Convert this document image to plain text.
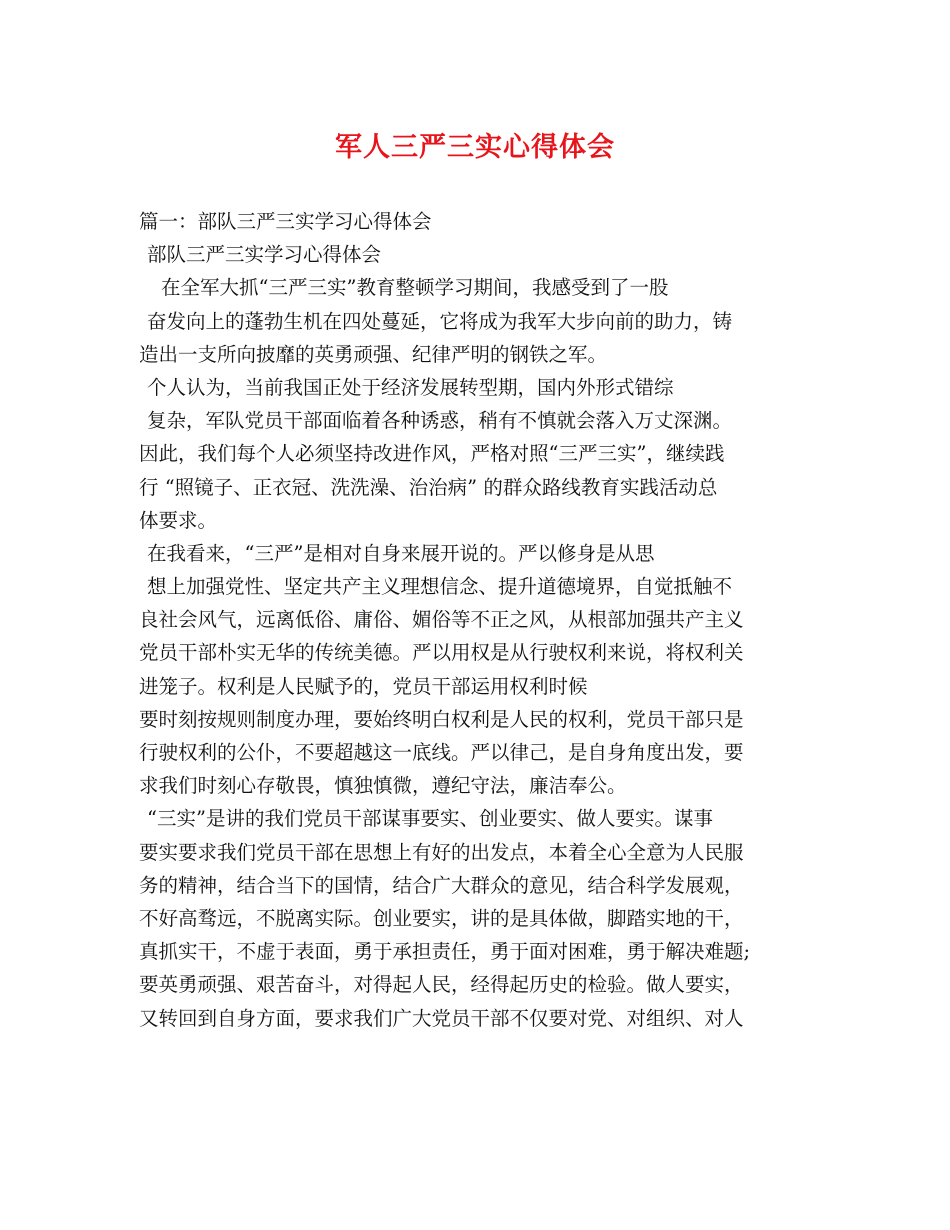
军人三严三实心得体会
篇一：部队三严三实学习心得体会
部队三严三实学习心得体会
在全军大抓“三严三实”教育整顿学习期间，我感受到了一股
奋发向上的蓬勃生机在四处蔓延，它将成为我军大步向前的助力，铸
造出一支所向披靡的英勇顽强、纪律严明的钢铁之军。
个人认为，当前我国正处于经济发展转型期，国内外形式错综
复杂，军队党员干部面临着各种诱惑，稍有不慎就会落入万丈深渊。
因此，我们每个人必须坚持改进作风，严格对照“三严三实”，继续践
行 “照镜子、正衣冠、洗洗澡、治治病” 的群众路线教育实践活动总
体要求。
在我看来，“三严”是相对自身来展开说的。严以修身是从思
想上加强党性、坚定共产主义理想信念、提升道德境界，自觉抵触不
良社会风气，远离低俗、庸俗、媚俗等不正之风，从根部加强共产主义
党员干部朴实无华的传统美德。严以用权是从行驶权利来说，将权利关
进笼子。权利是人民赋予的，党员干部运用权利时候
要时刻按规则制度办理，要始终明白权利是人民的权利，党员干部只是
行驶权利的公仆，不要超越这一底线。严以律己，是自身角度出发，要
求我们时刻心存敬畏，慎独慎微，遵纪守法，廉洁奉公。
“三实”是讲的我们党员干部谋事要实、创业要实、做人要实。谋事
要实要求我们党员干部在思想上有好的出发点，本着全心全意为人民服
务的精神，结合当下的国情，结合广大群众的意见，结合科学发展观，
不好高骛远，不脱离实际。创业要实，讲的是具体做，脚踏实地的干，
真抓实干，不虚于表面，勇于承担责任，勇于面对困难，勇于解决难题;
要英勇顽强、艰苦奋斗，对得起人民，经得起历史的检验。做人要实，
又转回到自身方面，要求我们广大党员干部不仅要对党、对组织、对人
